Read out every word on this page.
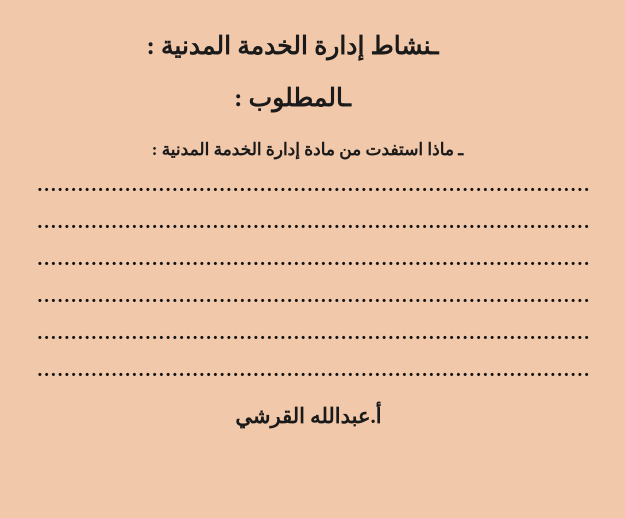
ـنشاط إدارة الخدمة المدنية :
ـالمطلوب :
ـ ماذا استفدت من مادة إدارة الخدمة المدنية :
..................................................................................
..................................................................................
..................................................................................
..................................................................................
..................................................................................
..................................................................................
أ.عبدالله القرشي
